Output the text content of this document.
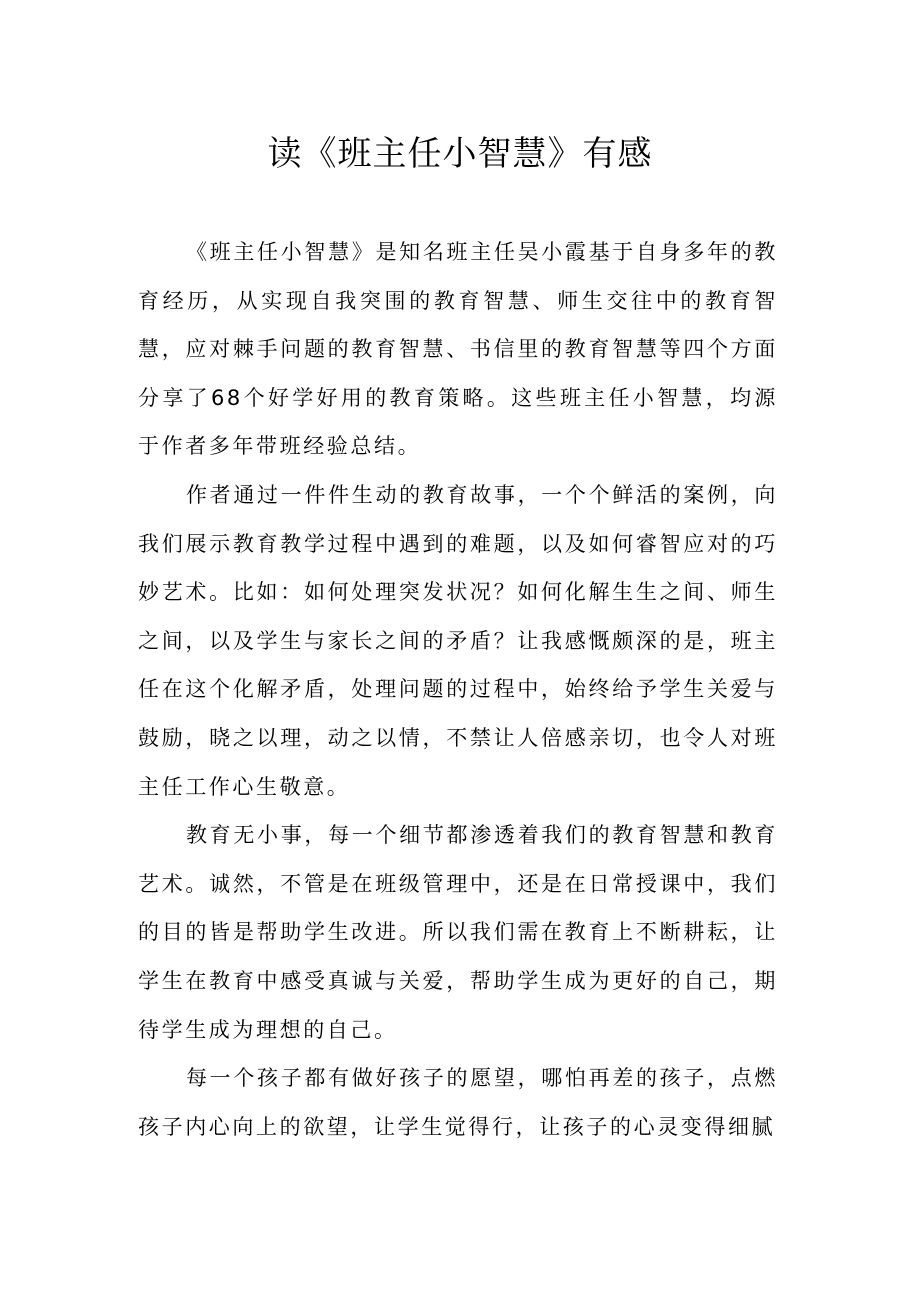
读《班主任小智慧》有感

《班主任小智慧》是知名班主任吴小霞基于自身多年的教育经历，从实现自我突围的教育智慧、师生交往中的教育智慧，应对棘手问题的教育智慧、书信里的教育智慧等四个方面分享了68个好学好用的教育策略。这些班主任小智慧，均源于作者多年带班经验总结。

作者通过一件件生动的教育故事，一个个鲜活的案例，向我们展示教育教学过程中遇到的难题，以及如何睿智应对的巧妙艺术。比如：如何处理突发状况？如何化解生生之间、师生之间，以及学生与家长之间的矛盾？让我感慨颇深的是，班主任在这个化解矛盾，处理问题的过程中，始终给予学生关爱与鼓励，晓之以理，动之以情，不禁让人倍感亲切，也令人对班主任工作心生敬意。

教育无小事，每一个细节都渗透着我们的教育智慧和教育艺术。诚然，不管是在班级管理中，还是在日常授课中，我们的目的皆是帮助学生改进。所以我们需在教育上不断耕耘，让学生在教育中感受真诚与关爱，帮助学生成为更好的自己，期待学生成为理想的自己。

每一个孩子都有做好孩子的愿望，哪怕再差的孩子，点燃孩子内心向上的欲望，让学生觉得行，让孩子的心灵变得细腻
